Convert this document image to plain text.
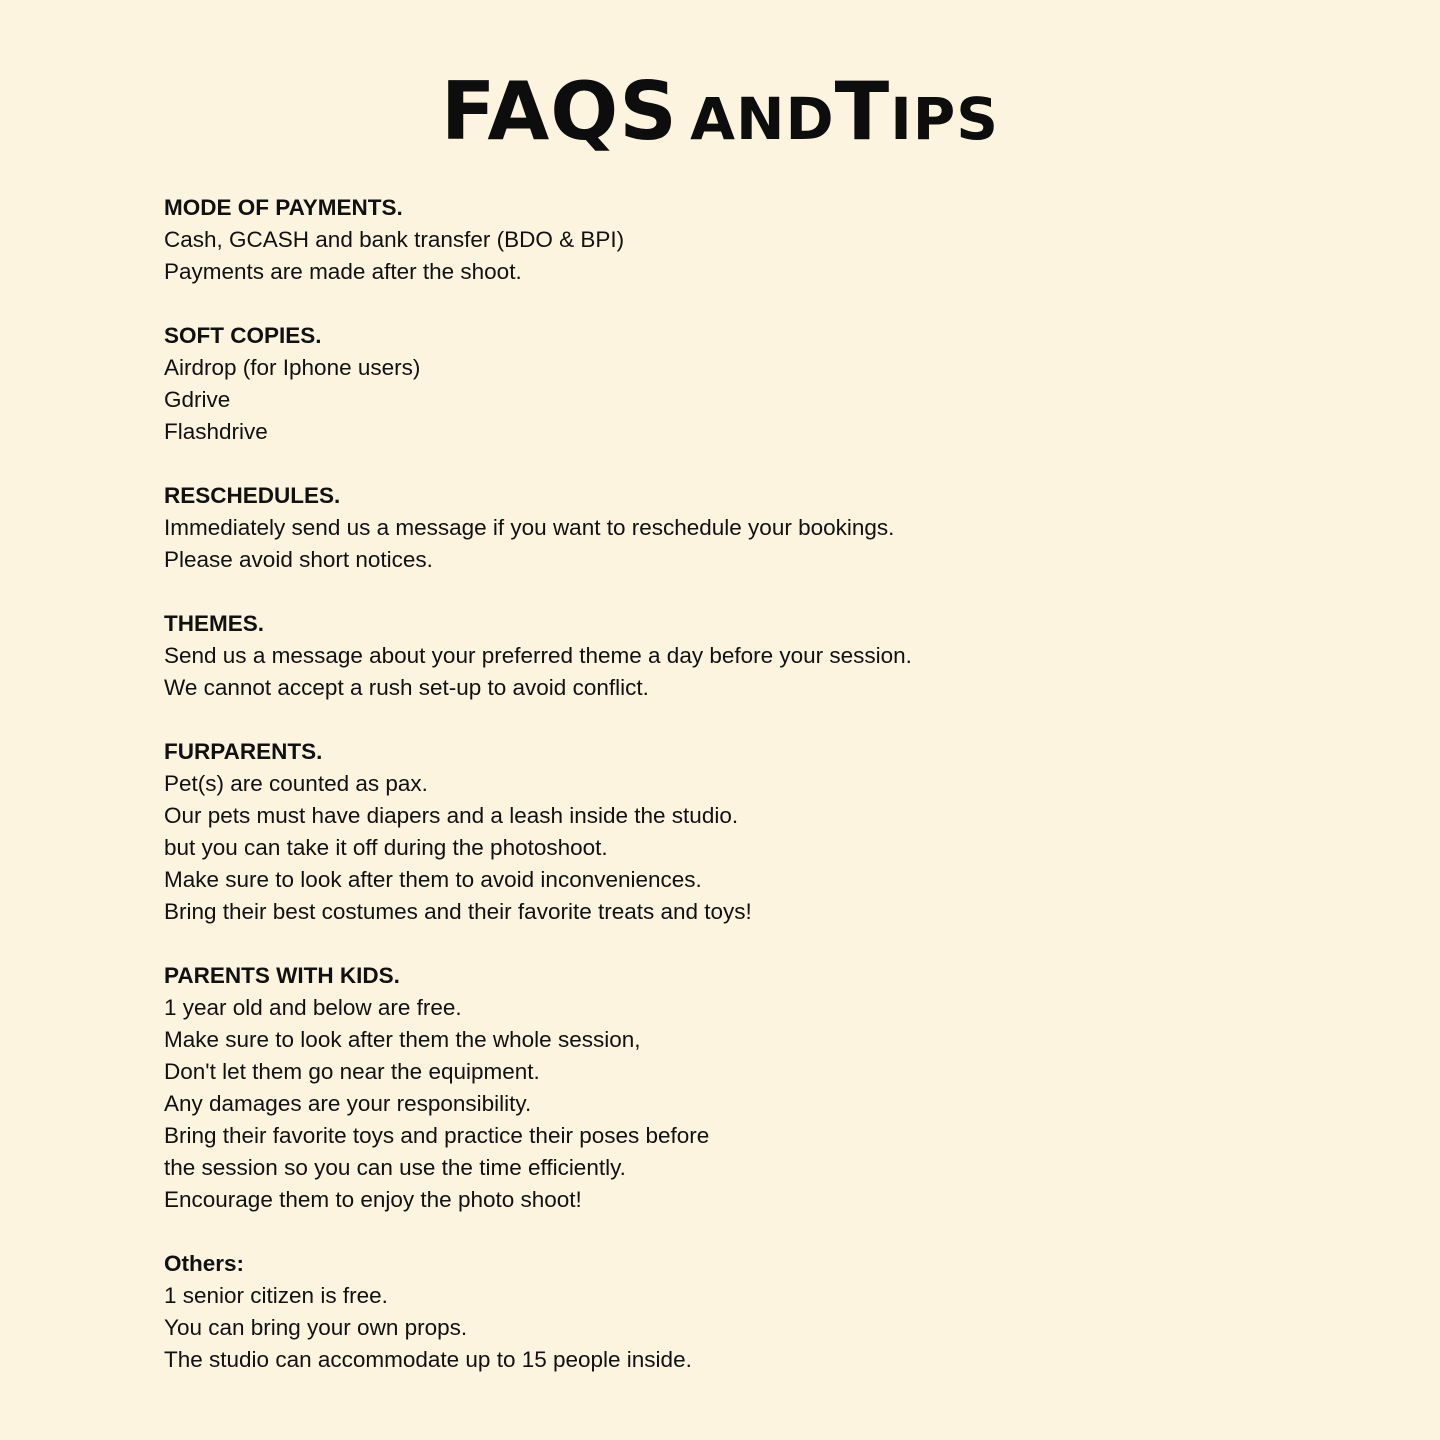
FAQS ANDTIPS
MODE OF PAYMENTS.
Cash, GCASH and bank transfer (BDO & BPI)
Payments are made after the shoot.
SOFT COPIES.
Airdrop (for Iphone users)
Gdrive
Flashdrive
RESCHEDULES.
Immediately send us a message if you want to reschedule your bookings.
Please avoid short notices.
THEMES.
Send us a message about your preferred theme a day before your session.
We cannot accept a rush set-up to avoid conflict.
FURPARENTS.
Pet(s) are counted as pax.
Our pets must have diapers and a leash inside the studio.
but you can take it off during the photoshoot.
Make sure to look after them to avoid inconveniences.
Bring their best costumes and their favorite treats and toys!
PARENTS WITH KIDS.
1 year old and below are free.
Make sure to look after them the whole session,
Don't let them go near the equipment.
Any damages are your responsibility.
Bring their favorite toys and practice their poses before
the session so you can use the time efficiently.
Encourage them to enjoy the photo shoot!
Others:
1 senior citizen is free.
You can bring your own props.
The studio can accommodate up to 15 people inside.
